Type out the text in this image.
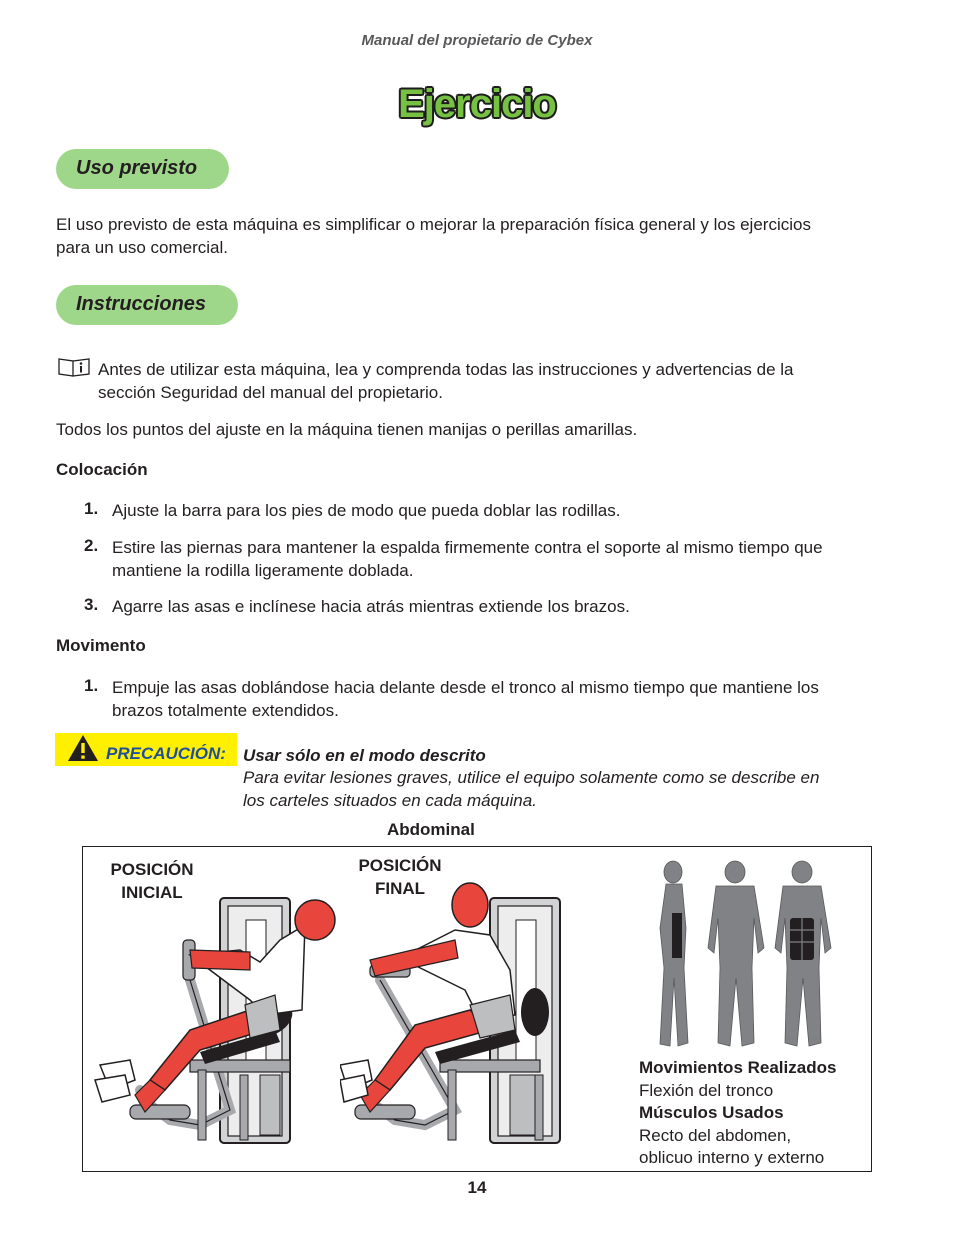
Manual del propietario de Cybex
Ejercicio
Uso previsto
El uso previsto de esta máquina es simplificar o mejorar la preparación física general y los ejercicios
para un uso comercial.
Instrucciones
Antes de utilizar esta máquina, lea y comprenda todas las instrucciones y advertencias de la
sección Seguridad del manual del propietario.
Todos los puntos del ajuste en la máquina tienen manijas o perillas amarillas.
Colocación
1. Ajuste la barra para los pies de modo que pueda doblar las rodillas.
2. Estire las piernas para mantener la espalda firmemente contra el soporte al mismo tiempo que
mantiene la rodilla ligeramente doblada.
3. Agarre las asas e inclínese hacia atrás mientras extiende los brazos.
Movimento
1. Empuje las asas doblándose hacia delante desde el tronco al mismo tiempo que mantiene los
brazos totalmente extendidos.
PRECAUCIÓN: Usar sólo en el modo descrito
Para evitar lesiones graves, utilice el equipo solamente como se describe en
los carteles situados en cada máquina.
Abdominal
POSICIÓN
INICIAL
POSICIÓN
FINAL
Movimientos Realizados
Flexión del tronco
Músculos Usados
Recto del abdomen,
oblicuo interno y externo
14
